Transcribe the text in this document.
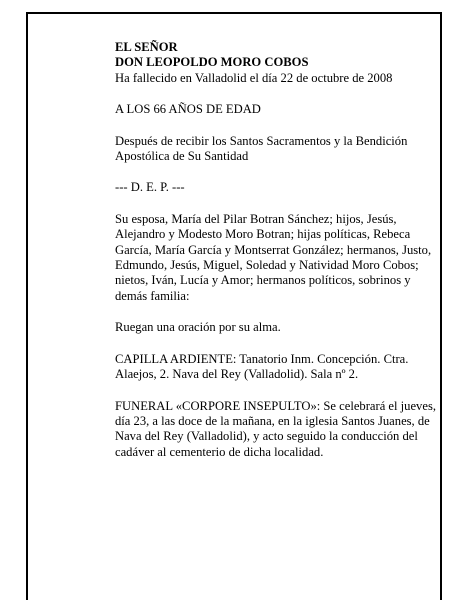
EL SEÑOR

DON LEOPOLDO MORO COBOS

Ha fallecido en Valladolid el día 22 de octubre de 2008

A LOS 66 AÑOS DE EDAD

Después de recibir los Santos Sacramentos y la Bendición Apostólica de Su Santidad

--- D. E. P. ---

Su esposa, María del Pilar Botran Sánchez; hijos, Jesús, Alejandro y Modesto Moro Botran; hijas políticas, Rebeca García, María García y Montserrat González; hermanos, Justo, Edmundo, Jesús, Miguel, Soledad y Natividad Moro Cobos; nietos, Iván, Lucía y Amor; hermanos políticos, sobrinos y demás familia:

Ruegan una oración por su alma.

CAPILLA ARDIENTE: Tanatorio Inm. Concepción. Ctra. Alaejos, 2. Nava del Rey (Valladolid). Sala nº 2.

FUNERAL «CORPORE INSEPULTO»: Se celebrará el jueves, día 23, a las doce de la mañana, en la iglesia Santos Juanes, de Nava del Rey (Valladolid), y acto seguido la conducción del cadáver al cementerio de dicha localidad.
